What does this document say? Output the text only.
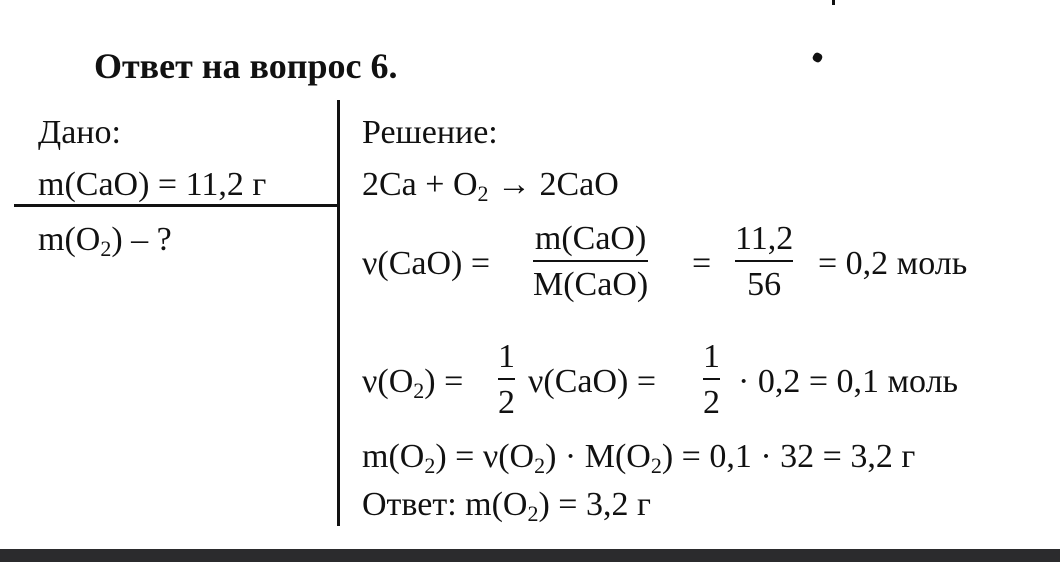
Ответ на вопрос 6.
Дано:
m(CaO) = 11,2 г
$m(O_2)$ – ?
Решение:
$2Ca + O_2 \to 2CaO$
ν(CaO) =
m(CaO)
M(CaO)
=
11,2
56
= 0,2 моль
$\nu(O_2)$ =
1
2
ν(CaO) =
1
2
· 0,2 = 0,1 моль
$m(O_2) = \nu(O_2) \cdot M(O_2) = 0,1 \cdot 32 = 3,2$ г
Ответ: $m(O_2) = 3,2$ г
